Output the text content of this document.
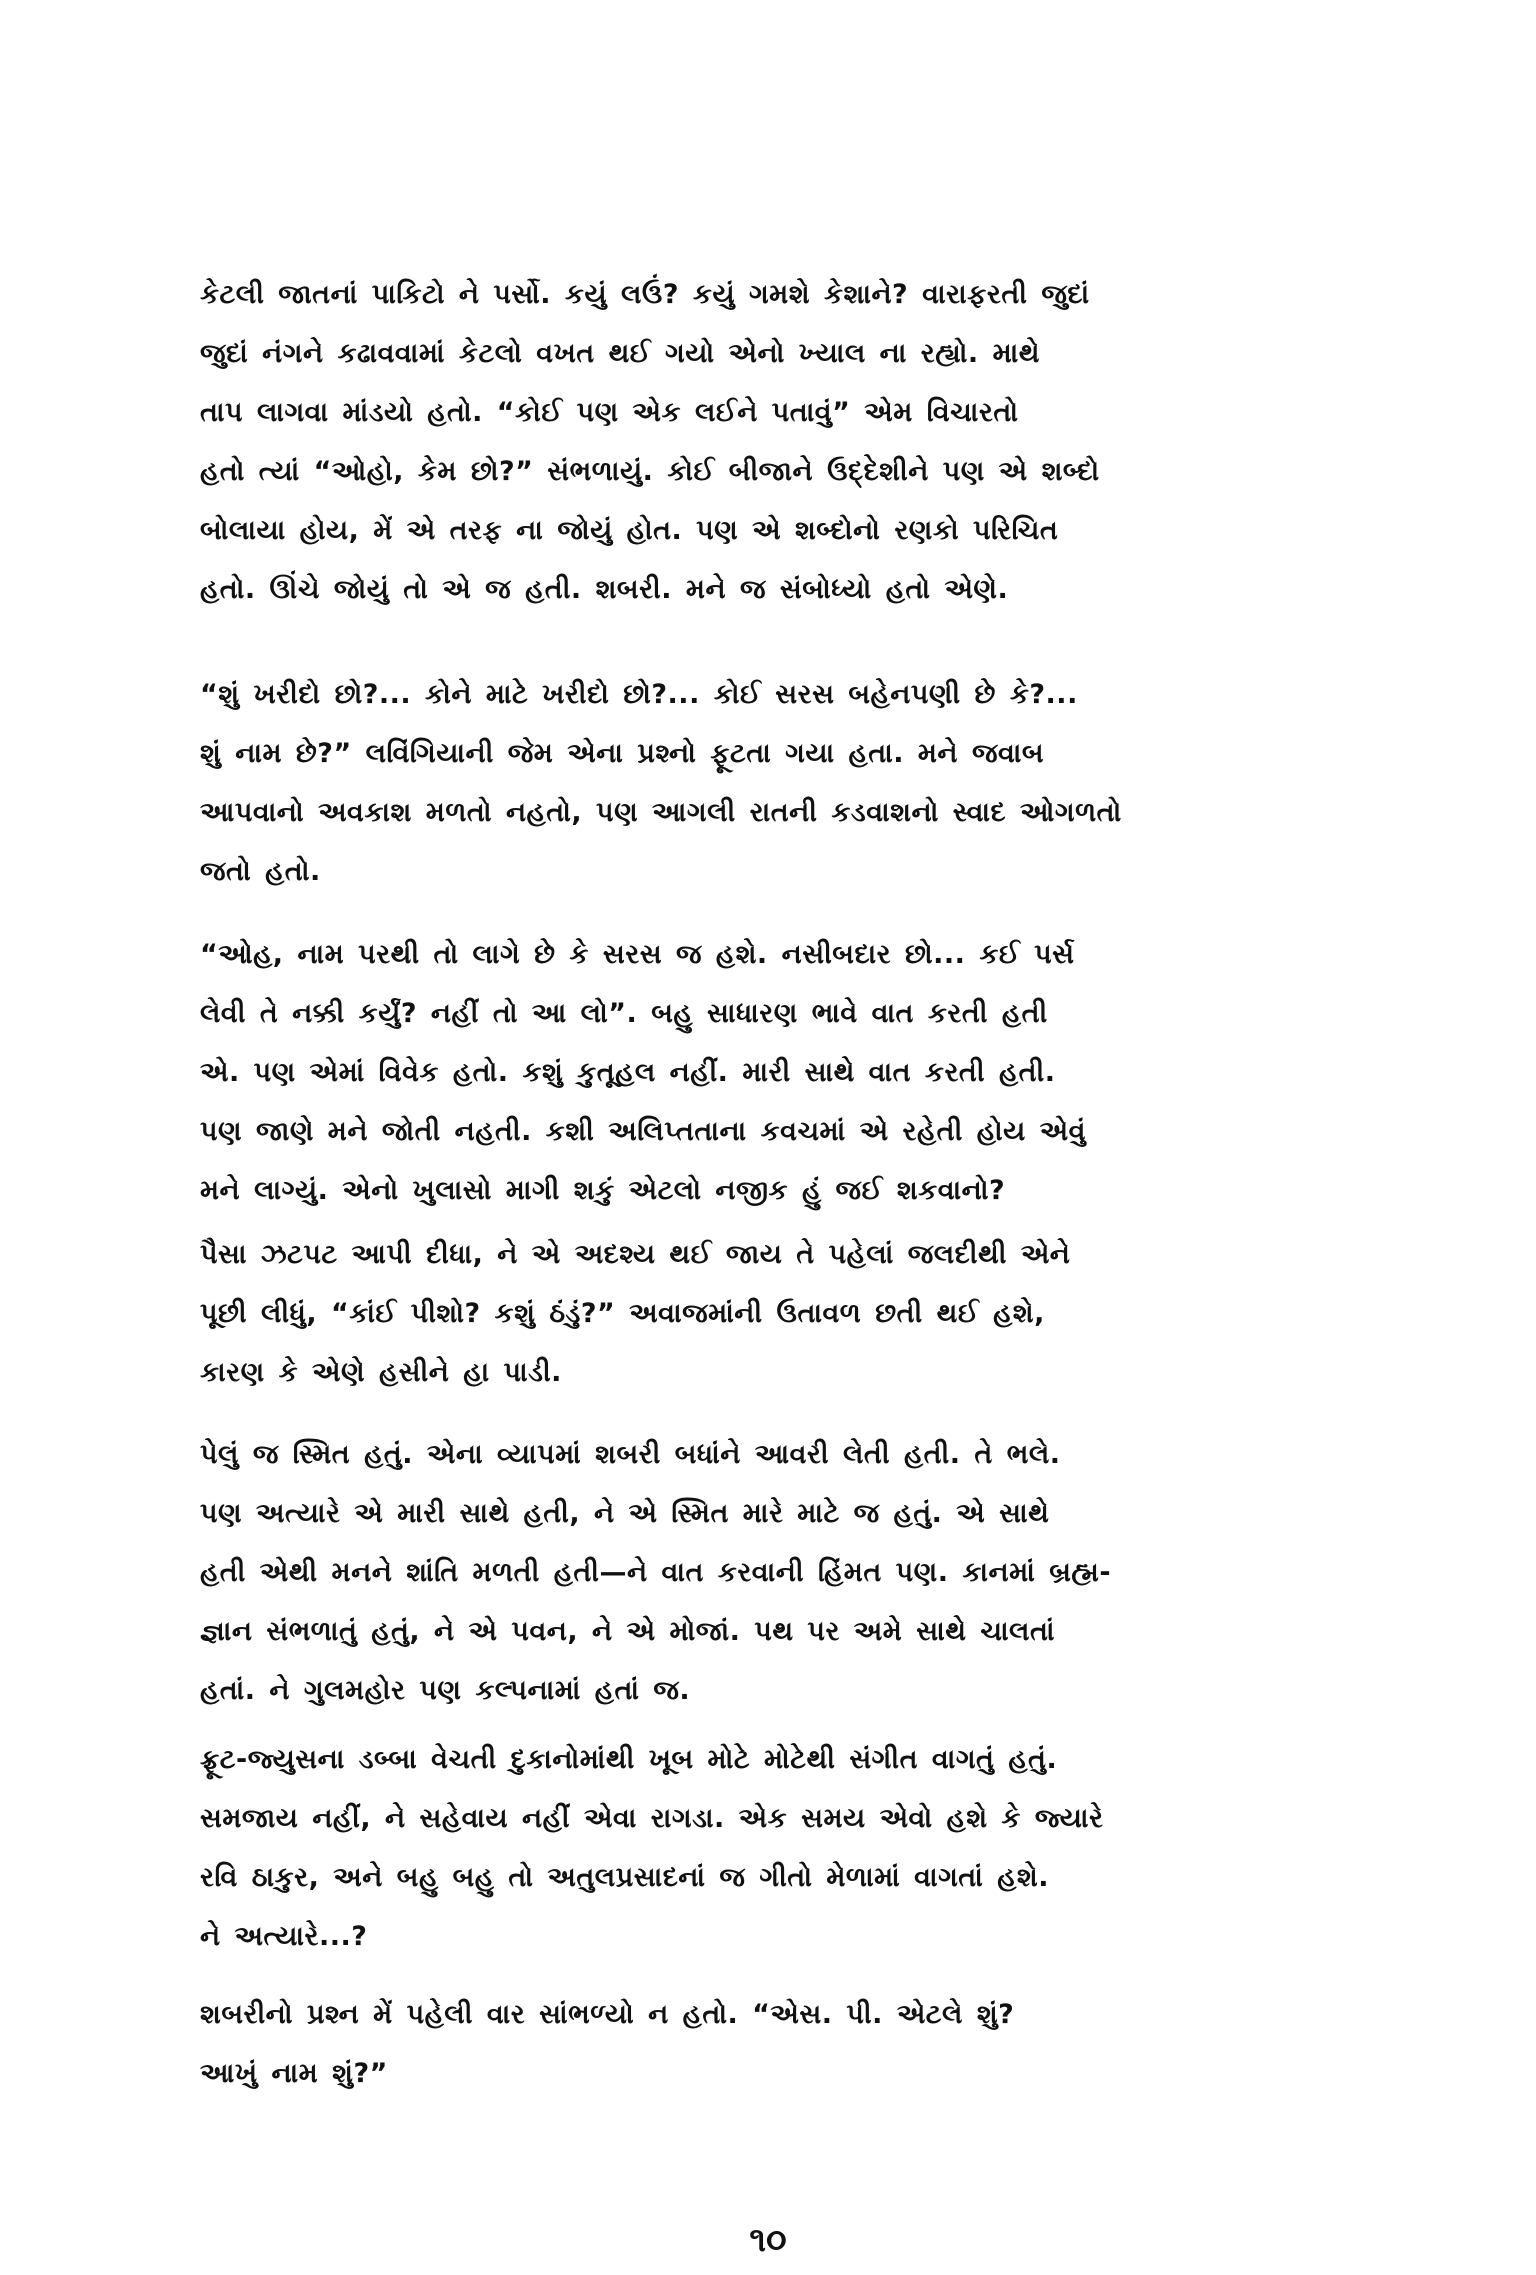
કેટલી જાતનાં પાકિટો ને પર્સો. કયું લઉં? કયું ગમશે કેશાને? વારાફરતી જુદાં
જુદાં નંગને કઢાવવામાં કેટલો વખત થઈ ગયો એનો ખ્યાલ ના રહ્યો. માથે
તાપ લાગવા માંડયો હતો. “કોઈ પણ એક લઈને પતાવું” એમ વિચારતો
હતો ત્યાં “ઓહો, કેમ છો?” સંભળાયું. કોઈ બીજાને ઉદ્દેશીને પણ એ શબ્દો
બોલાયા હોય, મેં એ તરફ ના જોયું હોત. પણ એ શબ્દોનો રણકો પરિચિત
હતો. ઊંચે જોયું તો એ જ હતી. શબરી. મને જ સંબોધ્યો હતો એણે.
“શું ખરીદો છો?... કોને માટે ખરીદો છો?... કોઈ સરસ બહેનપણી છે કે?...
શું નામ છે?” લવિંગિયાની જેમ એના પ્રશ્નો ફૂટતા ગયા હતા. મને જવાબ
આપવાનો અવકાશ મળતો નહતો, પણ આગલી રાતની કડવાશનો સ્વાદ ઓગળતો
જતો હતો.
“ઓહ, નામ પરથી તો લાગે છે કે સરસ જ હશે. નસીબદાર છો... કઈ પર્સ
લેવી તે નક્કી કર્યું? નહીં તો આ લો”. બહુ સાધારણ ભાવે વાત કરતી હતી
એ. પણ એમાં વિવેક હતો. કશું કુતૂહલ નહીં. મારી સાથે વાત કરતી હતી.
પણ જાણે મને જોતી નહતી. કશી અલિપ્તતાના કવચમાં એ રહેતી હોય એવું
મને લાગ્યું. એનો ખુલાસો માગી શકું એટલો નજીક હું જઈ શકવાનો?
પૈસા ઝટપટ આપી દીધા, ને એ અદશ્ય થઈ જાય તે પહેલાં જલદીથી એને
પૂછી લીધું, “કાંઈ પીશો? કશું ઠંડું?” અવાજમાંની ઉતાવળ છતી થઈ હશે,
કારણ કે એણે હસીને હા પાડી.
પેલું જ સ્મિત હતું. એના વ્યાપમાં શબરી બધાંને આવરી લેતી હતી. તે ભલે.
પણ અત્યારે એ મારી સાથે હતી, ને એ સ્મિત મારે માટે જ હતું. એ સાથે
હતી એથી મનને શાંતિ મળતી હતી—ને વાત કરવાની હિંમત પણ. કાનમાં બ્રહ્મ-
જ્ઞાન સંભળાતું હતું, ને એ પવન, ને એ મોજાં. પથ પર અમે સાથે ચાલતાં
હતાં. ને ગુલમહોર પણ કલ્પનામાં હતાં જ.
ફ્રૂટ-જ્યુસના ડબ્બા વેચતી દુકાનોમાંથી ખૂબ મોટે મોટેથી સંગીત વાગતું હતું.
સમજાય નહીં, ને સહેવાય નહીં એવા રાગડા. એક સમય એવો હશે કે જ્યારે
રવિ ઠાકુર, અને બહુ બહુ તો અતુલપ્રસાદનાં જ ગીતો મેળામાં વાગતાં હશે.
ને અત્યારે...?
શબરીનો પ્રશ્ન મેં પહેલી વાર સાંભળ્યો ન હતો. “એસ. પી. એટલે શું?
આખું નામ શું?”
૧૦
